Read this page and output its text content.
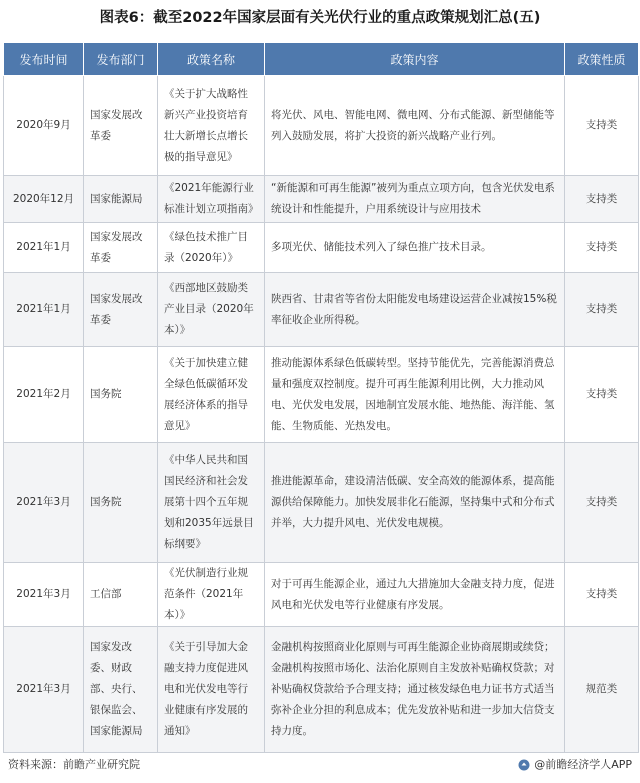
图表6：截至2022年国家层面有关光伏行业的重点政策规划汇总(五)
发布时间	发布部门	政策名称	政策内容	政策性质
2020年9月	国家发展改革委	《关于扩大战略性新兴产业投资培育壮大新增长点增长极的指导意见》	将光伏、风电、智能电网、微电网、分布式能源、新型储能等列入鼓励发展，将扩大投资的新兴战略产业行列。	支持类
2020年12月	国家能源局	《2021年能源行业标准计划立项指南》	“新能源和可再生能源”被列为重点立项方向，包含光伏发电系统设计和性能提升，户用系统设计与应用技术	支持类
2021年1月	国家发展改革委	《绿色技术推广目录（2020年）》	多项光伏、储能技术列入了绿色推广技术目录。	支持类
2021年1月	国家发展改革委	《西部地区鼓励类产业目录（2020年本）》	陕西省、甘肃省等省份太阳能发电场建设运营企业减按15%税率征收企业所得税。	支持类
2021年2月	国务院	《关于加快建立健全绿色低碳循环发展经济体系的指导意见》	推动能源体系绿色低碳转型。坚持节能优先，完善能源消费总量和强度双控制度。提升可再生能源利用比例，大力推动风电、光伏发电发展，因地制宜发展水能、地热能、海洋能、氢能、生物质能、光热发电。	支持类
2021年3月	国务院	《中华人民共和国国民经济和社会发展第十四个五年规划和2035年远景目标纲要》	推进能源革命，建设清洁低碳、安全高效的能源体系，提高能源供给保障能力。加快发展非化石能源，坚持集中式和分布式并举，大力提升风电、光伏发电规模。	支持类
2021年3月	工信部	《光伏制造行业规范条件（2021年本）》	对于可再生能源企业，通过九大措施加大金融支持力度，促进风电和光伏发电等行业健康有序发展。	支持类
2021年3月	国家发改委、财政部、央行、银保监会、国家能源局	《关于引导加大金融支持力度促进风电和光伏发电等行业健康有序发展的通知》	金融机构按照商业化原则与可再生能源企业协商展期或续贷；金融机构按照市场化、法治化原则自主发放补贴确权贷款；对补贴确权贷款给予合理支持；通过核发绿色电力证书方式适当弥补企业分担的利息成本；优先发放补贴和进一步加大信贷支持力度。	规范类
资料来源：前瞻产业研究院	@前瞻经济学人APP
